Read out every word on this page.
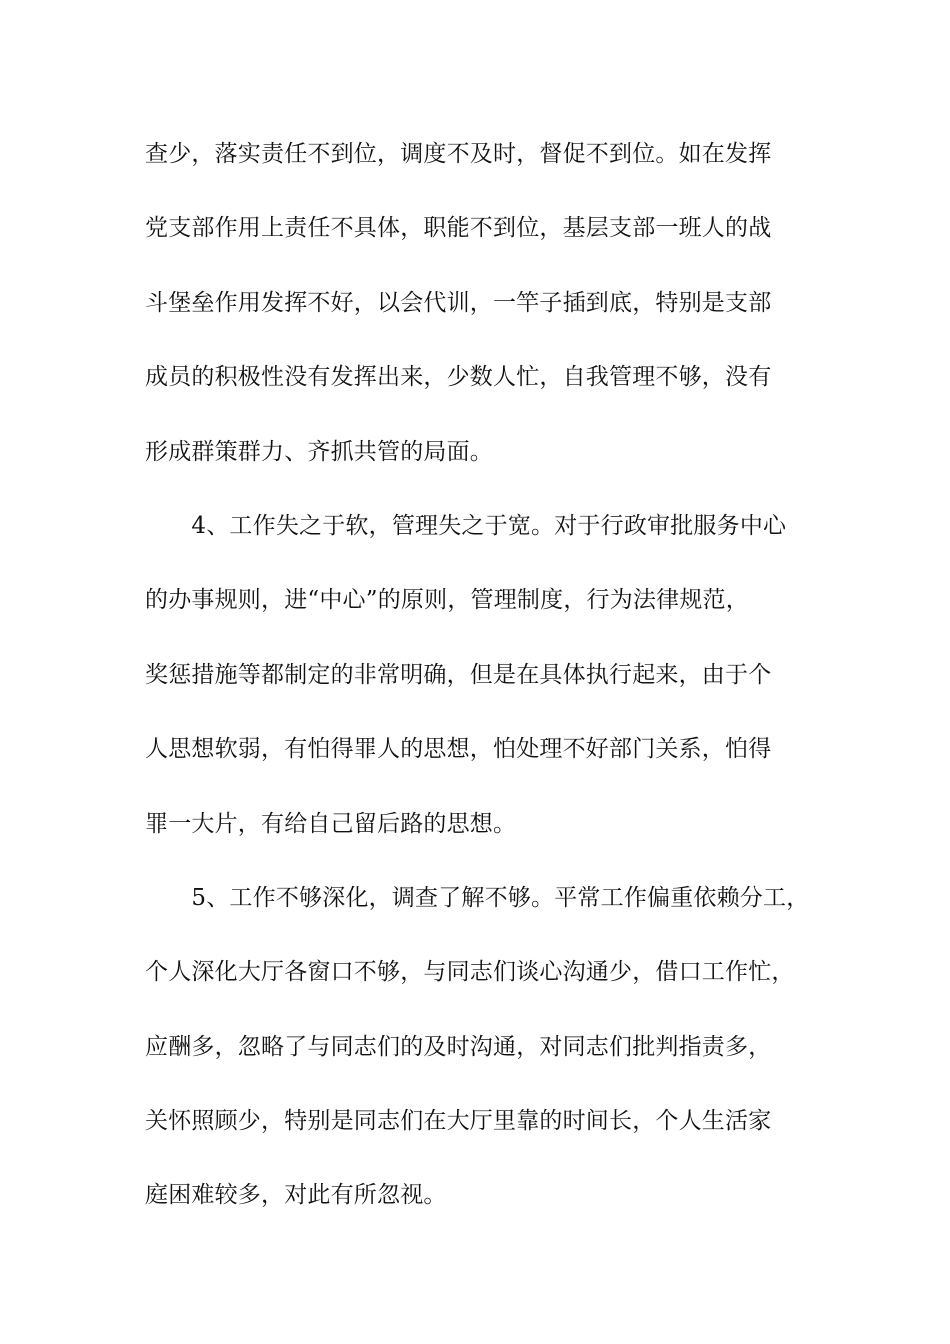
查少，落实责任不到位，调度不及时，督促不到位。如在发挥
党支部作用上责任不具体，职能不到位，基层支部一班人的战
斗堡垒作用发挥不好，以会代训，一竿子插到底，特别是支部
成员的积极性没有发挥出来，少数人忙，自我管理不够，没有
形成群策群力、齐抓共管的局面。
　　4、工作失之于软，管理失之于宽。对于行政审批服务中心
的办事规则，进“中心”的原则，管理制度，行为法律规范，
奖惩措施等都制定的非常明确，但是在具体执行起来，由于个
人思想软弱，有怕得罪人的思想，怕处理不好部门关系，怕得
罪一大片，有给自己留后路的思想。
　　5、工作不够深化，调查了解不够。平常工作偏重依赖分工，
个人深化大厅各窗口不够，与同志们谈心沟通少，借口工作忙，
应酬多，忽略了与同志们的及时沟通，对同志们批判指责多，
关怀照顾少，特别是同志们在大厅里靠的时间长，个人生活家
庭困难较多，对此有所忽视。
